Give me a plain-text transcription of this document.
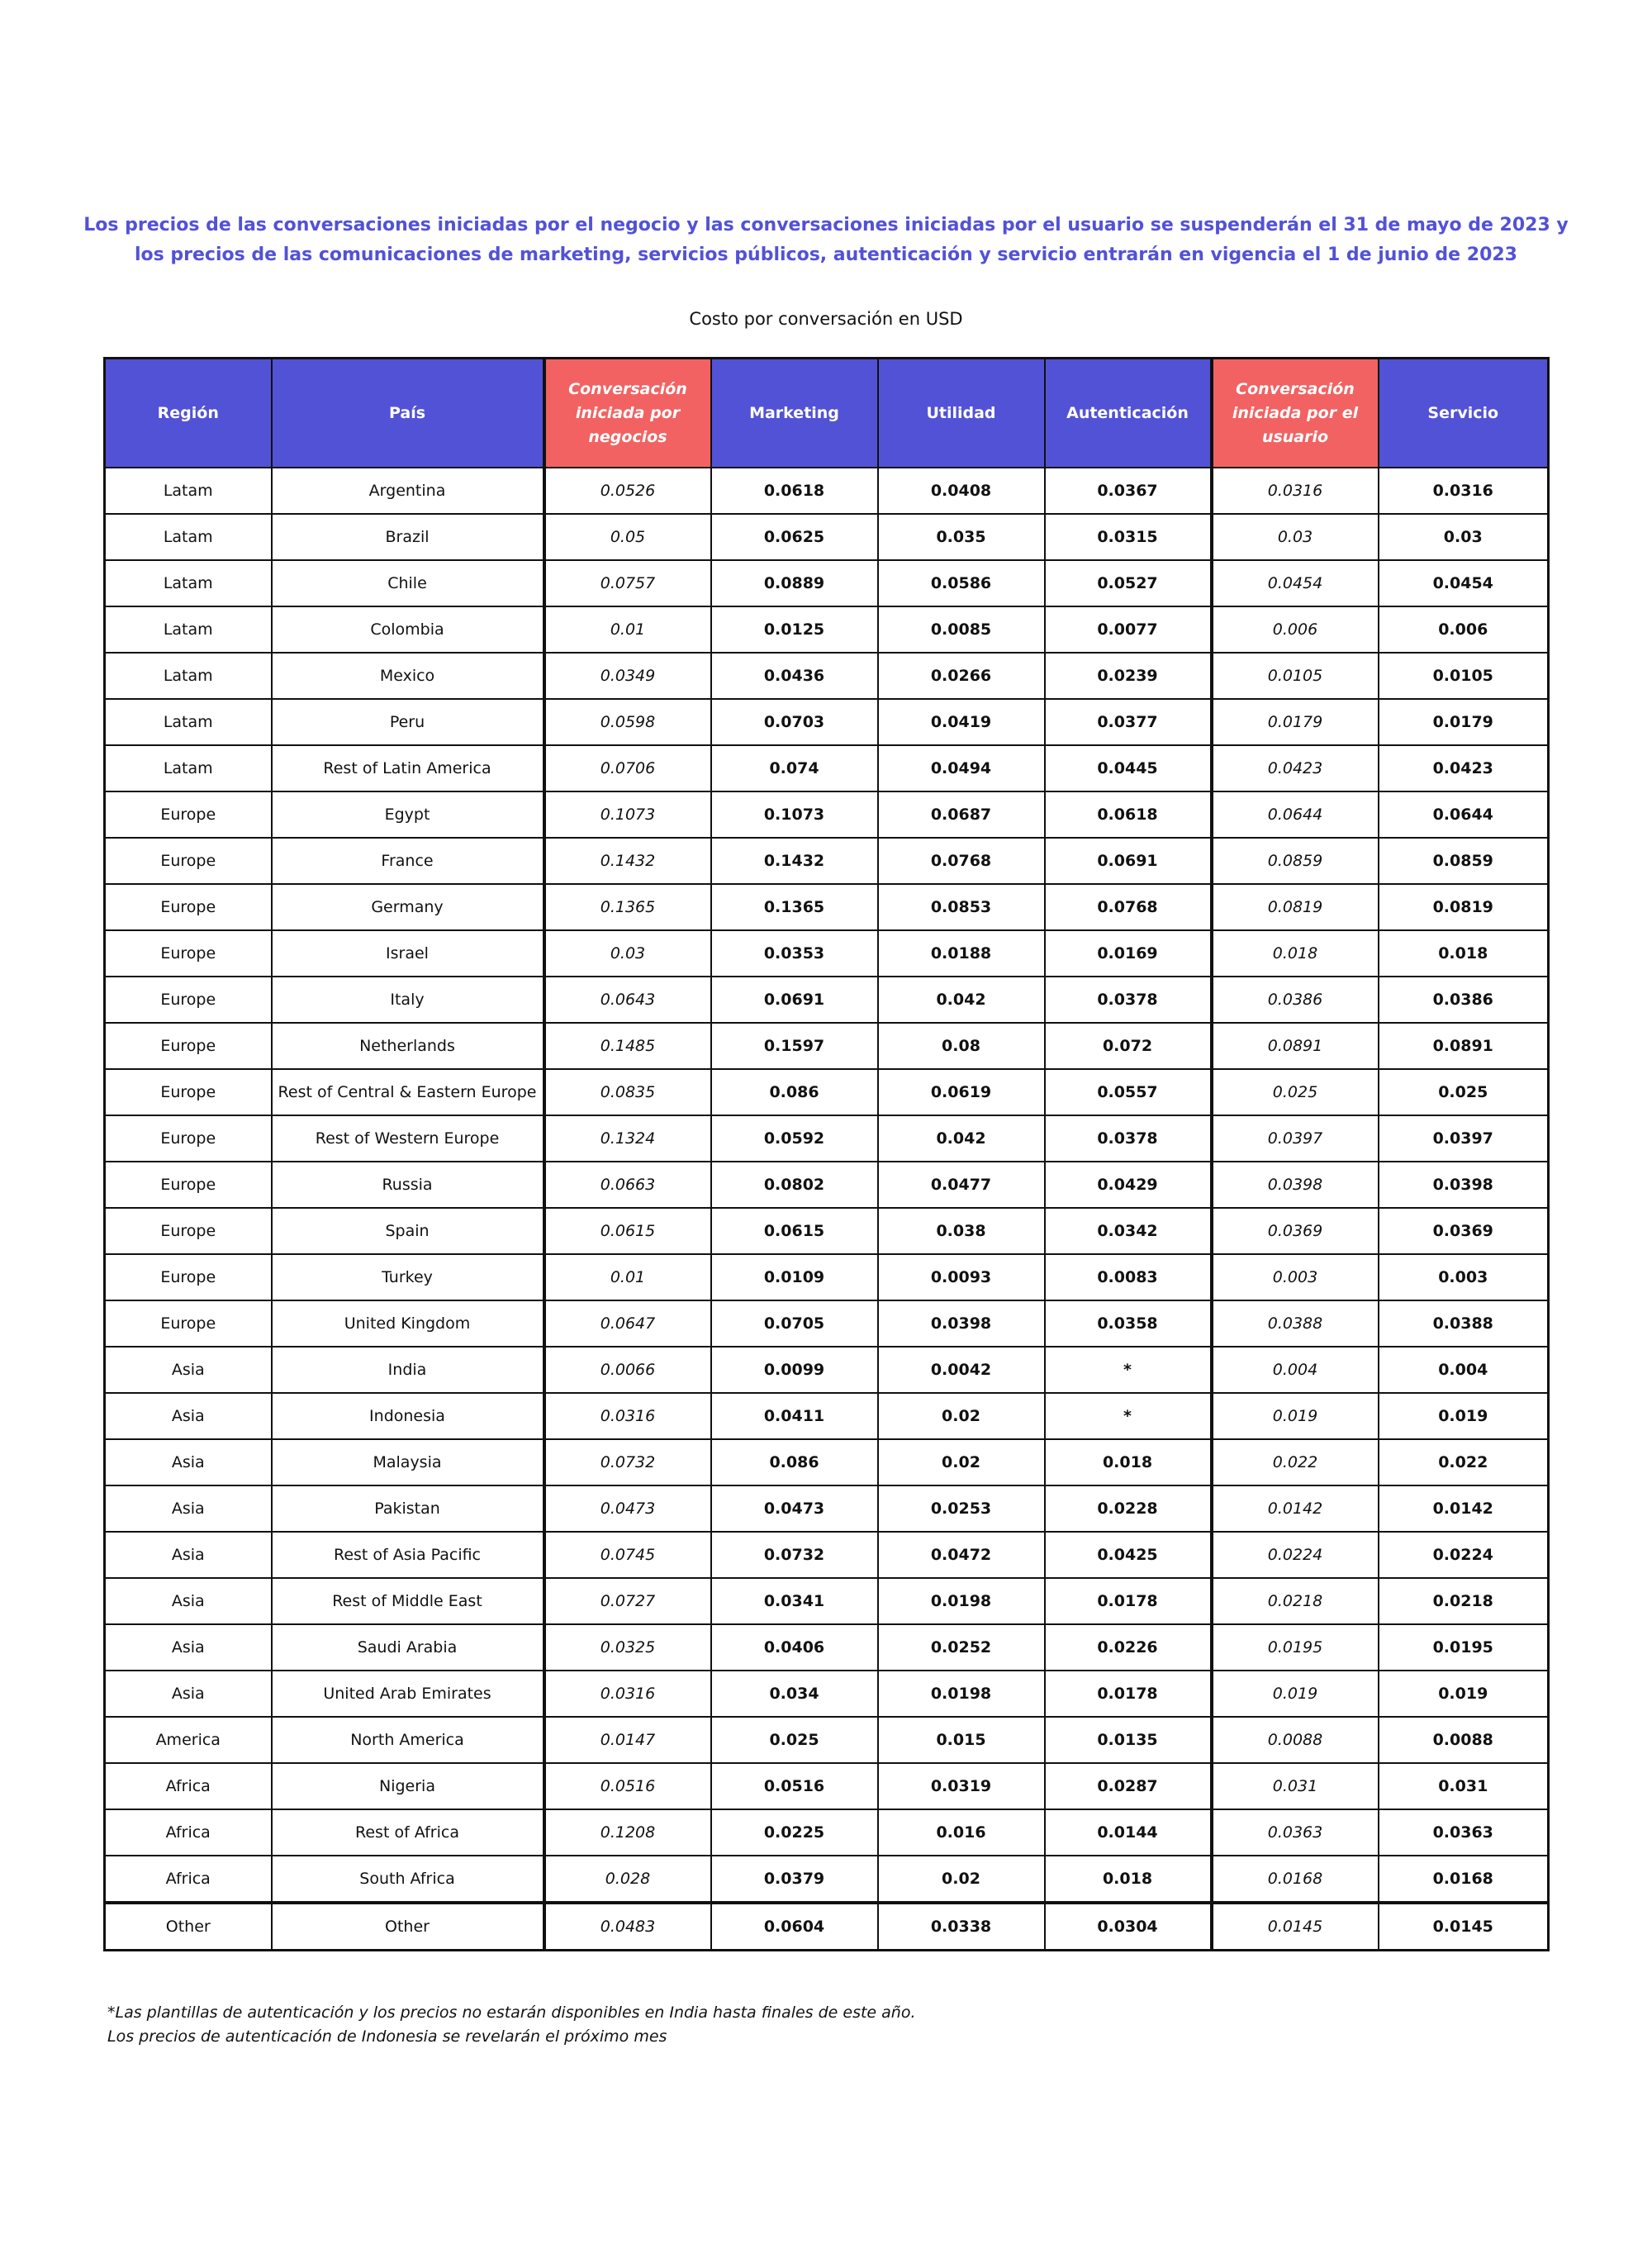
Los precios de las conversaciones iniciadas por el negocio y las conversaciones iniciadas por el usuario se suspenderán el 31 de mayo de 2023 y
los precios de las comunicaciones de marketing, servicios públicos, autenticación y servicio entrarán en vigencia el 1 de junio de 2023
Costo por conversación en USD
Región	País	Conversación iniciada por negocios	Marketing	Utilidad	Autenticación	Conversación iniciada por el usuario	Servicio
Latam	Argentina	0.0526	0.0618	0.0408	0.0367	0.0316	0.0316
Latam	Brazil	0.05	0.0625	0.035	0.0315	0.03	0.03
Latam	Chile	0.0757	0.0889	0.0586	0.0527	0.0454	0.0454
Latam	Colombia	0.01	0.0125	0.0085	0.0077	0.006	0.006
Latam	Mexico	0.0349	0.0436	0.0266	0.0239	0.0105	0.0105
Latam	Peru	0.0598	0.0703	0.0419	0.0377	0.0179	0.0179
Latam	Rest of Latin America	0.0706	0.074	0.0494	0.0445	0.0423	0.0423
Europe	Egypt	0.1073	0.1073	0.0687	0.0618	0.0644	0.0644
Europe	France	0.1432	0.1432	0.0768	0.0691	0.0859	0.0859
Europe	Germany	0.1365	0.1365	0.0853	0.0768	0.0819	0.0819
Europe	Israel	0.03	0.0353	0.0188	0.0169	0.018	0.018
Europe	Italy	0.0643	0.0691	0.042	0.0378	0.0386	0.0386
Europe	Netherlands	0.1485	0.1597	0.08	0.072	0.0891	0.0891
Europe	Rest of Central & Eastern Europe	0.0835	0.086	0.0619	0.0557	0.025	0.025
Europe	Rest of Western Europe	0.1324	0.0592	0.042	0.0378	0.0397	0.0397
Europe	Russia	0.0663	0.0802	0.0477	0.0429	0.0398	0.0398
Europe	Spain	0.0615	0.0615	0.038	0.0342	0.0369	0.0369
Europe	Turkey	0.01	0.0109	0.0093	0.0083	0.003	0.003
Europe	United Kingdom	0.0647	0.0705	0.0398	0.0358	0.0388	0.0388
Asia	India	0.0066	0.0099	0.0042	*	0.004	0.004
Asia	Indonesia	0.0316	0.0411	0.02	*	0.019	0.019
Asia	Malaysia	0.0732	0.086	0.02	0.018	0.022	0.022
Asia	Pakistan	0.0473	0.0473	0.0253	0.0228	0.0142	0.0142
Asia	Rest of Asia Pacific	0.0745	0.0732	0.0472	0.0425	0.0224	0.0224
Asia	Rest of Middle East	0.0727	0.0341	0.0198	0.0178	0.0218	0.0218
Asia	Saudi Arabia	0.0325	0.0406	0.0252	0.0226	0.0195	0.0195
Asia	United Arab Emirates	0.0316	0.034	0.0198	0.0178	0.019	0.019
America	North America	0.0147	0.025	0.015	0.0135	0.0088	0.0088
Africa	Nigeria	0.0516	0.0516	0.0319	0.0287	0.031	0.031
Africa	Rest of Africa	0.1208	0.0225	0.016	0.0144	0.0363	0.0363
Africa	South Africa	0.028	0.0379	0.02	0.018	0.0168	0.0168
Other	Other	0.0483	0.0604	0.0338	0.0304	0.0145	0.0145
*Las plantillas de autenticación y los precios no estarán disponibles en India hasta finales de este año.
Los precios de autenticación de Indonesia se revelarán el próximo mes
